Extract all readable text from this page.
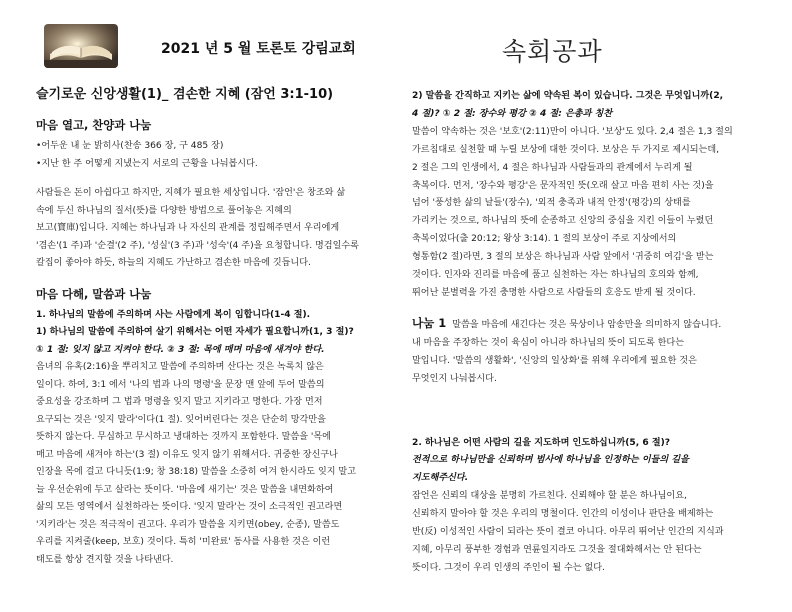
2021 년 5 월 토론토 강림교회	속회공과
슬기로운 신앙생활(1)_ 겸손한 지혜 (잠언 3:1-10)
마음 열고, 찬양과 나눔

•어두운 내 눈 밝히사(찬송 366 장, 구 485 장)

•지난 한 주 어떻게 지냈는지 서로의 근황을 나눠봅시다.

사람들은 돈이 아쉽다고 하지만, 지혜가 필요한 세상입니다. '잠언'은 창조와 삶

속에 두신 하나님의 질서(뜻)를 다양한 방법으로 풀어놓은 지혜의

보고(寶庫)입니다. 지혜는 하나님과 나 자신의 관계를 정립해주면서 우리에게

'겸손'(1 주)과 '순결'(2 주), '성실'(3 주)과 '성숙'(4 주)을 요청합니다. 명검일수록

칼집이 좋아야 하듯, 하늘의 지혜도 가난하고 겸손한 마음에 깃듭니다.

마음 다해, 말씀과 나눔

1. 하나님의 말씀에 주의하며 사는 사람에게 복이 임합니다(1-4 절).

1) 하나님의 말씀에 주의하여 살기 위해서는 어떤 자세가 필요합니까(1, 3 절)?

① 1 절: 잊지 않고 지켜야 한다. ② 3 절: 목에 매며 마음에 새겨야 한다.

음녀의 유혹(2:16)을 뿌리치고 말씀에 주의하며 산다는 것은 녹록치 않은

일이다. 하여, 3:1 에서 '나의 법과 나의 명령'을 문장 맨 앞에 두어 말씀의

중요성을 강조하며 그 법과 명령을 잊지 말고 지키라고 명한다. 가장 먼저

요구되는 것은 '잊지 말라'이다(1 절). 잊어버린다는 것은 단순히 망각만을

뜻하지 않는다. 무심하고 무시하고 냉대하는 것까지 포함한다. 말씀을 '목에

매고 마음에 새겨야 하는'(3 절) 이유도 잊지 않기 위해서다. 귀중한 장신구나

인장을 목에 걸고 다니듯(1:9; 창 38:18) 말씀을 소중히 여겨 한시라도 잊지 말고

늘 우선순위에 두고 살라는 뜻이다. '마음에 새기는' 것은 말씀을 내면화하여

삶의 모든 영역에서 실천하라는 뜻이다. '잊지 말라'는 것이 소극적인 권고라면

'지키라'는 것은 적극적이 권고다. 우리가 말씀을 지키면(obey, 순종), 말씀도

우리를 지켜줄(keep, 보호) 것이다. 특히 '미완료' 동사를 사용한 것은 이런

태도를 항상 견지할 것을 나타낸다.

2) 말씀을 간직하고 지키는 삶에 약속된 복이 있습니다. 그것은 무엇입니까(2,

4 절)? ① 2 절: 장수와 평강 ② 4 절: 은총과 칭찬

말씀이 약속하는 것은 '보호'(2:11)만이 아니다. '보상'도 있다. 2,4 절은 1,3 절의

가르침대로 실천할 때 누릴 보상에 대한 것이다. 보상은 두 가지로 제시되는데,

2 절은 그의 인생에서, 4 절은 하나님과 사람들과의 관계에서 누리게 될

축복이다. 먼저, '장수와 평강'은 문자적인 뜻(오래 살고 마음 편히 사는 것)을

넘어 '풍성한 삶의 날들'(장수), '외적 충족과 내적 안정'(평강)의 상태를

가리키는 것으로, 하나님의 뜻에 순종하고 신앙의 중심을 지킨 이들이 누렸던

축복이었다(출 20:12; 왕상 3:14). 1 절의 보상이 주로 지상에서의

형통함(2 절)라면, 3 절의 보상은 하나님과 사람 앞에서 '귀중히 여김'을 받는

것이다. 인자와 진리를 마음에 품고 실천하는 자는 하나님의 호의와 함께,

뛰어난 분별력을 가진 충명한 사람으로 사람들의 호응도 받게 될 것이다.

나눔 1 말씀을 마음에 새긴다는 것은 묵상이나 암송만을 의미하지 않습니다.

내 마음을 주장하는 것이 육심이 아니라 하나님의 뜻이 되도록 한다는

말입니다. '말씀의 생활화', '신앙의 일상화'를 위해 우리에게 필요한 것은

무엇인지 나눠봅시다.

2. 하나님은 어떤 사람의 길을 지도하며 인도하십니까(5, 6 절)?

전적으로 하나님만을 신뢰하며 범사에 하나님을 인정하는 이들의 길을

지도해주신다.

잠언은 신뢰의 대상을 분명히 가르친다. 신뢰해야 할 분은 하나님이요,

신뢰하지 말아야 할 것은 우리의 명철이다. 인간의 이성이나 판단을 배제하는

반(反) 이성적인 사람이 되라는 뜻이 결코 아니다. 아무리 뛰어난 인간의 지식과

지혜, 아무리 풍부한 경험과 연륜일지라도 그것을 절대화해서는 안 된다는

뜻이다. 그것이 우리 인생의 주인이 될 수는 없다.
